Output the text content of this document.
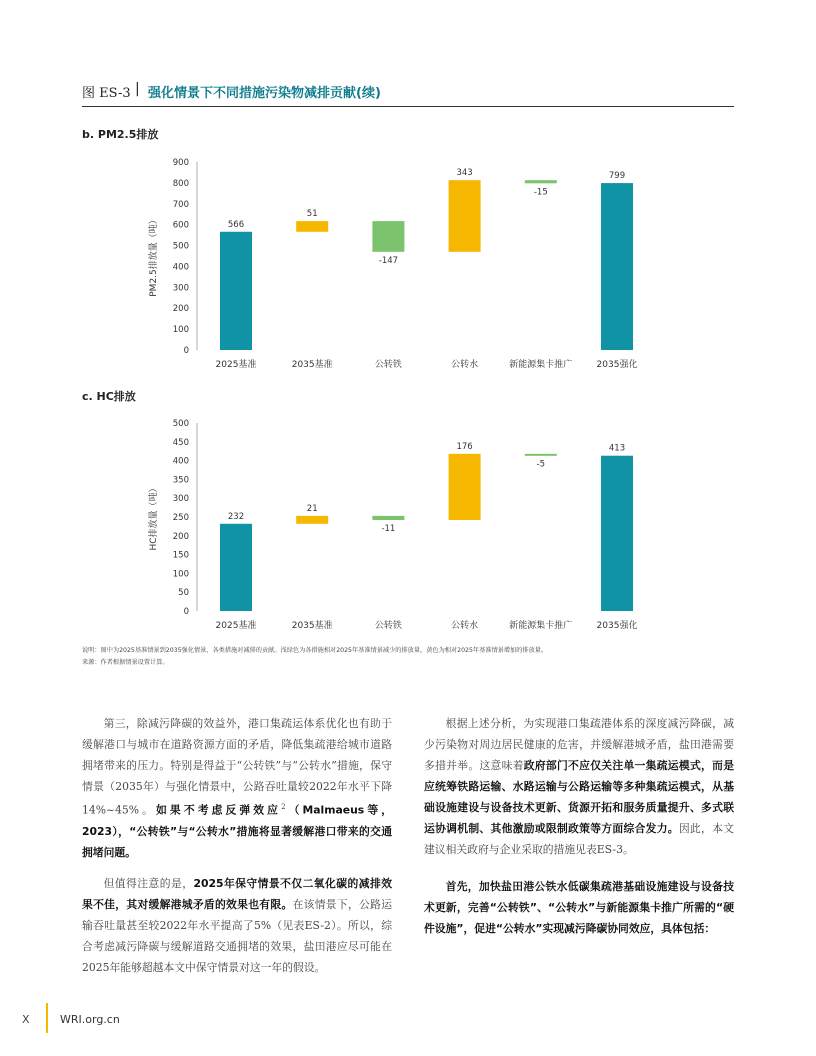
图 ES-3 | 强化情景下不同措施污染物减排贡献(续)
b. PM2.5排放
0
100
200
300
400
500
600
700
800
900
PM2.5排放量（吨）	566
51
-147
343
-15
799
2025基准	2035基准	公转铁	公转水	新能源集卡推广	2035强化
c. HC排放
0
50
100
150
200
250
300
350
400
450
500
HC排放量（吨）	232
21
-11
176
-5
413
2025基准	2035基准	公转铁	公转水	新能源集卡推广	2035强化
说明：图中为2025基准情景到2035强化情景、各类措施对减排的贡献。浅绿色为各措施相对2025年基准情景减少的排放量，黄色为相对2025年基准情景增加的排放量。
来源：作者根据情景设置计算。

第三，除减污降碳的效益外，港口集疏运体系优化也有助于缓解港口与城市在道路资源方面的矛盾，降低集疏港给城市道路拥堵带来的压力。特别是得益于“公转铁”与“公转水”措施，保守情景（2035年）与强化情景中，公路吞吐量较2022年水平下降14%~45%。如果不考虑反弹效应$^2$（Malmaeus等，2023），“公转铁”与“公转水”措施将显著缓解港口带来的交通拥堵问题。

但值得注意的是，2025年保守情景不仅二氧化碳的减排效果不佳，其对缓解港城矛盾的效果也有限。在该情景下，公路运输吞吐量甚至较2022年水平提高了5%（见表ES-2）。所以，综合考虑减污降碳与缓解道路交通拥堵的效果，盐田港应尽可能在2025年能够超越本文中保守情景对这一年的假设。

根据上述分析，为实现港口集疏港体系的深度减污降碳，减少污染物对周边居民健康的危害，并缓解港城矛盾，盐田港需要多措并举。这意味着政府部门不应仅关注单一集疏运模式，而是应统筹铁路运输、水路运输与公路运输等多种集疏运模式，从基础设施建设与设备技术更新、货源开拓和服务质量提升、多式联运协调机制、其他激励或限制政策等方面综合发力。因此，本文建议相关政府与企业采取的措施见表ES-3。

首先，加快盐田港公铁水低碳集疏港基础设施建设与设备技术更新，完善“公转铁”、“公转水”与新能源集卡推广所需的“硬件设施”，促进“公转水”实现减污降碳协同效应，具体包括：

X	WRI.org.cn
